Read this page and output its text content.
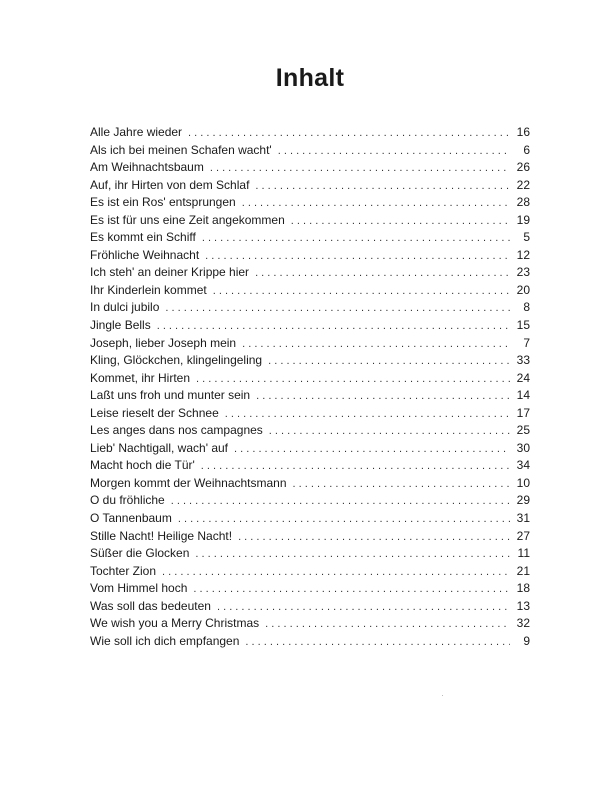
Inhalt
Alle Jahre wieder . . .	16
Als ich bei meinen Schafen wacht' . . .	6
Am Weihnachtsbaum . . .	26
Auf, ihr Hirten von dem Schlaf . . .	22
Es ist ein Ros' entsprungen . . .	28
Es ist für uns eine Zeit angekommen . . .	19
Es kommt ein Schiff . . .	5
Fröhliche Weihnacht . . .	12
Ich steh' an deiner Krippe hier . . .	23
Ihr Kinderlein kommet . . .	20
In dulci jubilo . . .	8
Jingle Bells . . .	15
Joseph, lieber Joseph mein . . .	7
Kling, Glöckchen, klingelingeling . . .	33
Kommet, ihr Hirten . . .	24
Laßt uns froh und munter sein . . .	14
Leise rieselt der Schnee . . .	17
Les anges dans nos campagnes . . .	25
Lieb' Nachtigall, wach' auf . . .	30
Macht hoch die Tür' . . .	34
Morgen kommt der Weihnachtsmann . . .	10
O du fröhliche . . .	29
O Tannenbaum . . .	31
Stille Nacht! Heilige Nacht! . . .	27
Süßer die Glocken . . .	11
Tochter Zion . . .	21
Vom Himmel hoch . . .	18
Was soll das bedeuten . . .	13
We wish you a Merry Christmas . . .	32
Wie soll ich dich empfangen . . .	9
